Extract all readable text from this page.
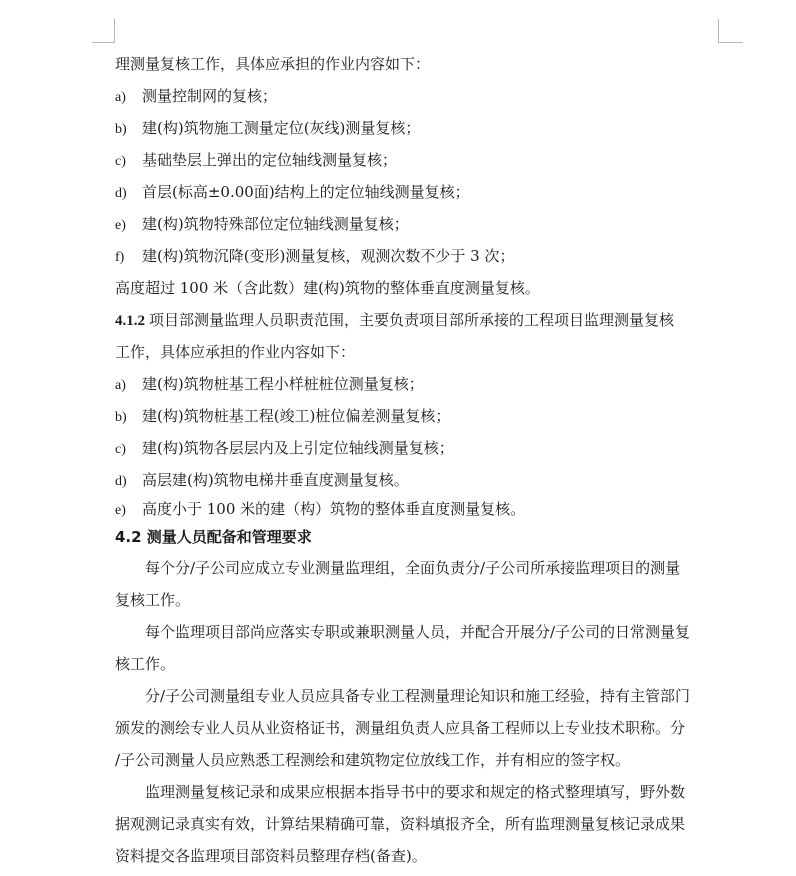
理测量复核工作，具体应承担的作业内容如下：
a) 测量控制网的复核；
b) 建(构)筑物施工测量定位(灰线)测量复核；
c) 基础垫层上弹出的定位轴线测量复核；
d) 首层(标高±0.00面)结构上的定位轴线测量复核；
e) 建(构)筑物特殊部位定位轴线测量复核；
f) 建(构)筑物沉降(变形)测量复核，观测次数不少于 3 次；
高度超过 100 米（含此数）建(构)筑物的整体垂直度测量复核。
4.1.2 项目部测量监理人员职责范围，主要负责项目部所承接的工程项目监理测量复核
工作，具体应承担的作业内容如下：
a) 建(构)筑物桩基工程小样桩桩位测量复核；
b) 建(构)筑物桩基工程(竣工)桩位偏差测量复核；
c) 建(构)筑物各层层内及上引定位轴线测量复核；
d) 高层建(构)筑物电梯井垂直度测量复核。
e) 高度小于 100 米的建（构）筑物的整体垂直度测量复核。
4.2 测量人员配备和管理要求
每个分/子公司应成立专业测量监理组，全面负责分/子公司所承接监理项目的测量
复核工作。
每个监理项目部尚应落实专职或兼职测量人员，并配合开展分/子公司的日常测量复
核工作。
分/子公司测量组专业人员应具备专业工程测量理论知识和施工经验，持有主管部门
颁发的测绘专业人员从业资格证书，测量组负责人应具备工程师以上专业技术职称。分
/子公司测量人员应熟悉工程测绘和建筑物定位放线工作，并有相应的签字权。
监理测量复核记录和成果应根据本指导书中的要求和规定的格式整理填写，野外数
据观测记录真实有效，计算结果精确可靠，资料填报齐全，所有监理测量复核记录成果
资料提交各监理项目部资料员整理存档(备查)。
